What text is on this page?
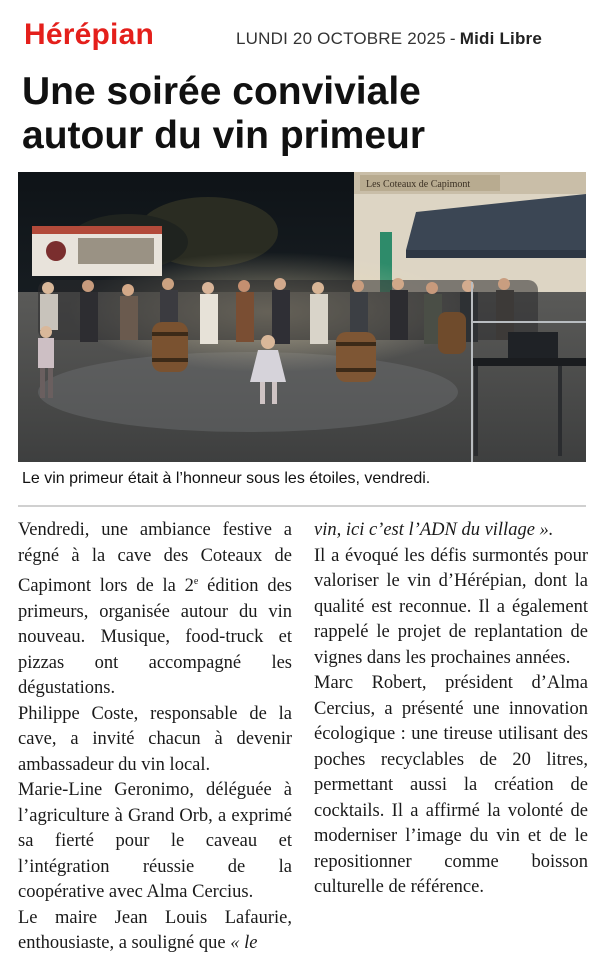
Hérépian	LUNDI 20 OCTOBRE 2025 - Midi Libre
Une soirée conviviale
autour du vin primeur
Les Coteaux de Capimont
Le vin primeur était à l’honneur sous les étoiles, vendredi.

Vendredi, une ambiance festive a régné à la cave des Coteaux de Capimont lors de la 2e édition des primeurs, organisée autour du vin nouveau. Musique, food-truck et pizzas ont accompagné les dégustations.

Philippe Coste, responsable de la cave, a invité chacun à devenir ambassadeur du vin local.

Marie-Line Geronimo, déléguée à l’agriculture à Grand Orb, a exprimé sa fierté pour le caveau et l’intégration réussie de la coopérative avec Alma Cercius.

Le maire Jean Louis Lafaurie, enthousiaste, a souligné que « le

vin, ici c’est l’ADN du village ».

Il a évoqué les défis surmontés pour valoriser le vin d’Hérépian, dont la qualité est reconnue. Il a également rappelé le projet de replantation de vignes dans les prochaines années.

Marc Robert, président d’Alma Cercius, a présenté une innovation écologique : une tireuse utilisant des poches recyclables de 20 litres, permettant aussi la création de cocktails. Il a affirmé la volonté de moderniser l’image du vin et de le repositionner comme boisson culturelle de référence.
